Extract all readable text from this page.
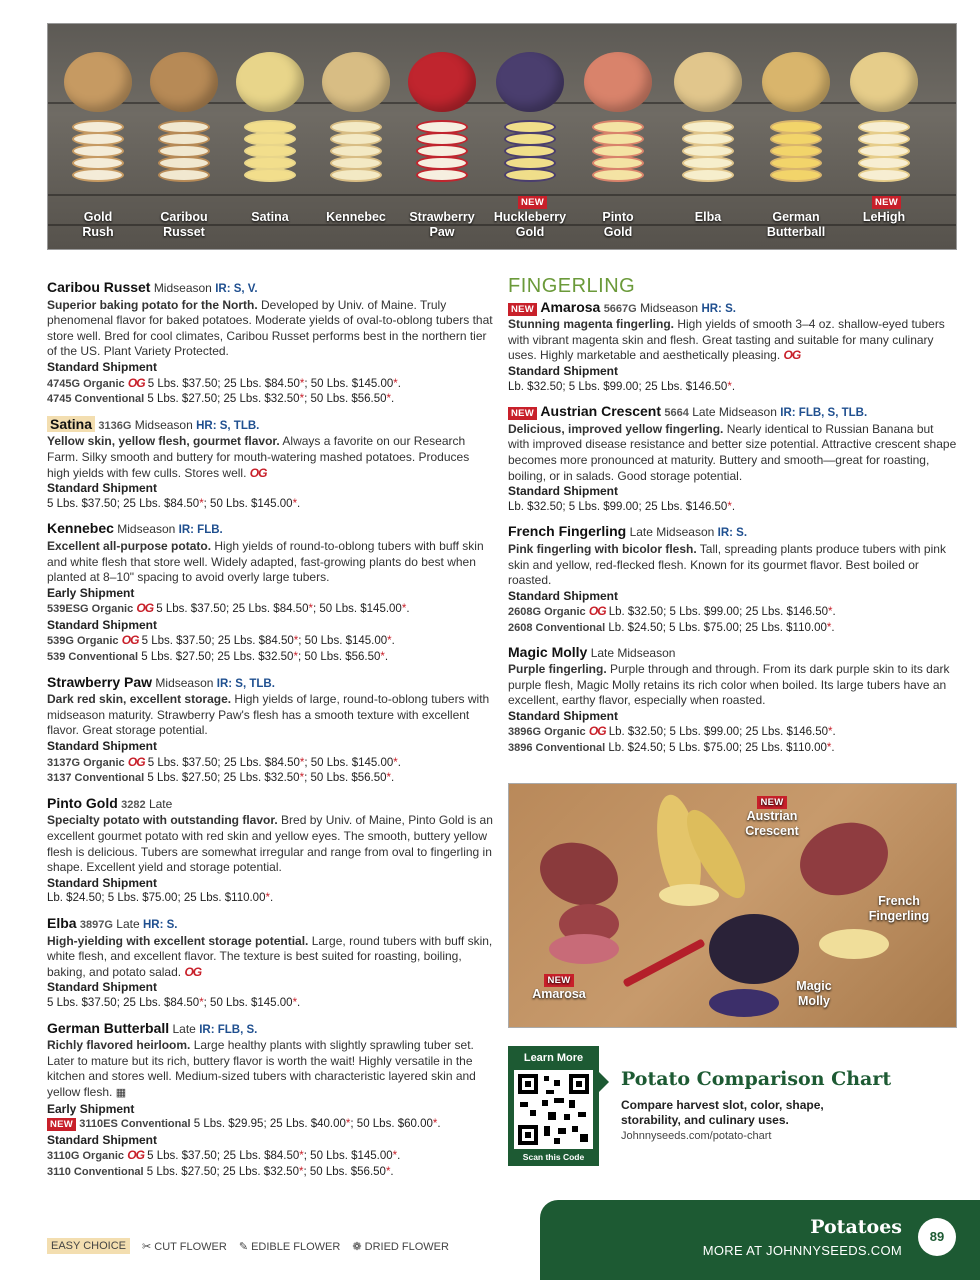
Gold
Rush
Caribou
Russet
Satina	Kennebec	Strawberry
Paw
NEW
Huckleberry
Gold
Pinto
Gold
Elba	German
Butterball
NEW
LeHigh
Caribou Russet Midseason IR: S, V.
Superior baking potato for the North. Developed by Univ. of Maine. Truly phenomenal flavor for baked potatoes. Moderate yields of oval-to-oblong tubers that store well. Bred for cool climates, Caribou Russet performs best in the northern tier of the US. Plant Variety Protected.
Standard Shipment
4745G Organic OG 5 Lbs. $37.50; 25 Lbs. $84.50*; 50 Lbs. $145.00*.
4745 Conventional 5 Lbs. $27.50; 25 Lbs. $32.50*; 50 Lbs. $56.50*.
Satina 3136G Midseason HR: S, TLB.
Yellow skin, yellow flesh, gourmet flavor. Always a favorite on our Research Farm. Silky smooth and buttery for mouth-watering mashed potatoes. Produces high yields with few culls. Stores well. OG
Standard Shipment
5 Lbs. $37.50; 25 Lbs. $84.50*; 50 Lbs. $145.00*.
Kennebec Midseason IR: FLB.
Excellent all-purpose potato. High yields of round-to-oblong tubers with buff skin and white flesh that store well. Widely adapted, fast-growing plants do best when planted at 8–10" spacing to avoid overly large tubers.
Early Shipment
539ESG Organic OG 5 Lbs. $37.50; 25 Lbs. $84.50*; 50 Lbs. $145.00*.
Standard Shipment
539G Organic OG 5 Lbs. $37.50; 25 Lbs. $84.50*; 50 Lbs. $145.00*.
539 Conventional 5 Lbs. $27.50; 25 Lbs. $32.50*; 50 Lbs. $56.50*.
Strawberry Paw Midseason IR: S, TLB.
Dark red skin, excellent storage. High yields of large, round-to-oblong tubers with midseason maturity. Strawberry Paw's flesh has a smooth texture with excellent flavor. Great storage potential.
Standard Shipment
3137G Organic OG 5 Lbs. $37.50; 25 Lbs. $84.50*; 50 Lbs. $145.00*.
3137 Conventional 5 Lbs. $27.50; 25 Lbs. $32.50*; 50 Lbs. $56.50*.
Pinto Gold 3282 Late
Specialty potato with outstanding flavor. Bred by Univ. of Maine, Pinto Gold is an excellent gourmet potato with red skin and yellow eyes. The smooth, buttery yellow flesh is delicious. Tubers are somewhat irregular and range from oval to fingerling in shape. Excellent yield and storage potential.
Standard Shipment
Lb. $24.50; 5 Lbs. $75.00; 25 Lbs. $110.00*.
Elba 3897G Late HR: S.
High-yielding with excellent storage potential. Large, round tubers with buff skin, white flesh, and excellent flavor. The texture is best suited for roasting, boiling, baking, and potato salad. OG
Standard Shipment
5 Lbs. $37.50; 25 Lbs. $84.50*; 50 Lbs. $145.00*.
German Butterball Late IR: FLB, S.
Richly flavored heirloom. Large healthy plants with slightly sprawling tuber set. Later to mature but its rich, buttery flavor is worth the wait! Highly versatile in the kitchen and stores well. Medium-sized tubers with characteristic layered skin and yellow flesh. ▦
Early Shipment
NEW 3110ES Conventional 5 Lbs. $29.95; 25 Lbs. $40.00*; 50 Lbs. $60.00*.
Standard Shipment
3110G Organic OG 5 Lbs. $37.50; 25 Lbs. $84.50*; 50 Lbs. $145.00*.
3110 Conventional 5 Lbs. $27.50; 25 Lbs. $32.50*; 50 Lbs. $56.50*.
FINGERLING
NEW Amarosa 5667G Midseason HR: S.
Stunning magenta fingerling. High yields of smooth 3–4 oz. shallow-eyed tubers with vibrant magenta skin and flesh. Great tasting and suitable for many culinary uses. Highly marketable and aesthetically pleasing. OG
Standard Shipment
Lb. $32.50; 5 Lbs. $99.00; 25 Lbs. $146.50*.
NEW Austrian Crescent 5664 Late Midseason IR: FLB, S, TLB.
Delicious, improved yellow fingerling. Nearly identical to Russian Banana but with improved disease resistance and better size potential. Attractive crescent shape becomes more pronounced at maturity. Buttery and smooth—great for roasting, boiling, or in salads. Good storage potential.
Standard Shipment
Lb. $32.50; 5 Lbs. $99.00; 25 Lbs. $146.50*.
French Fingerling Late Midseason IR: S.
Pink fingerling with bicolor flesh. Tall, spreading plants produce tubers with pink skin and yellow, red-flecked flesh. Known for its gourmet flavor. Best boiled or roasted.
Standard Shipment
2608G Organic OG Lb. $32.50; 5 Lbs. $99.00; 25 Lbs. $146.50*.
2608 Conventional Lb. $24.50; 5 Lbs. $75.00; 25 Lbs. $110.00*.
Magic Molly Late Midseason
Purple fingerling. Purple through and through. From its dark purple skin to its dark purple flesh, Magic Molly retains its rich color when boiled. Its large tubers have an excellent, earthy flavor, especially when roasted.
Standard Shipment
3896G Organic OG Lb. $32.50; 5 Lbs. $99.00; 25 Lbs. $146.50*.
3896 Conventional Lb. $24.50; 5 Lbs. $75.00; 25 Lbs. $110.00*.
NEW
Austrian
Crescent
French
Fingerling
NEW
Amarosa
Magic
Molly
Learn More
Scan this Code
Potato Comparison Chart
Compare harvest slot, color, shape, storability, and culinary uses.
Johnnyseeds.com/potato-chart
EASY CHOICE	✂ CUT FLOWER ✎ EDIBLE FLOWER ❁ DRIED FLOWER
Potatoes
MORE AT JOHNNYSEEDS.COM
89
